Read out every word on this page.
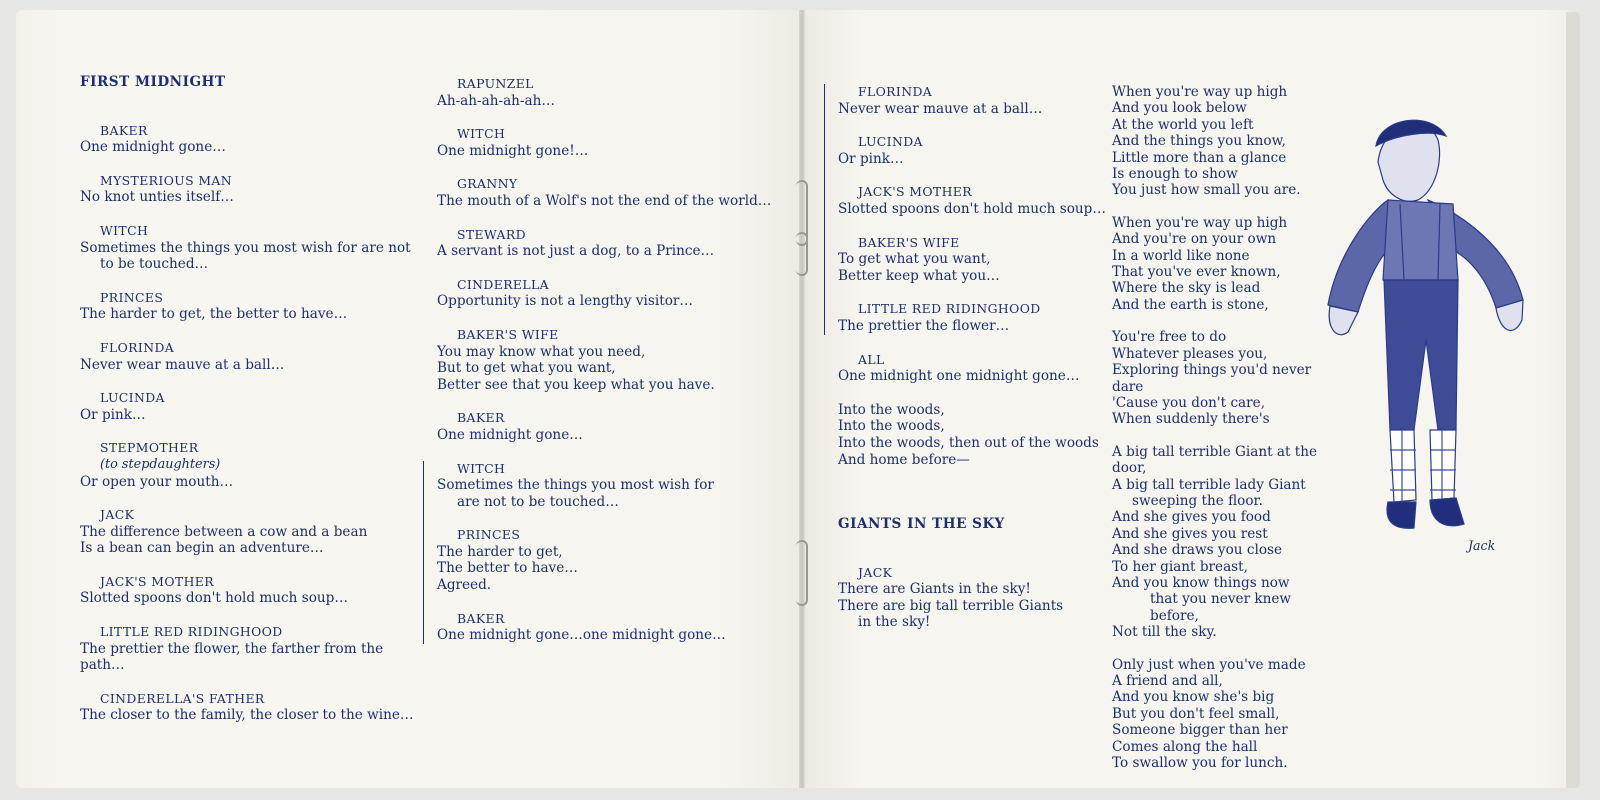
FIRST MIDNIGHT

BAKER

One midnight gone…

MYSTERIOUS MAN

No knot unties itself…

WITCH

Sometimes the things you most wish for are not

to be touched…

PRINCES

The harder to get, the better to have…

FLORINDA

Never wear mauve at a ball…

LUCINDA

Or pink…

STEPMOTHER

(to stepdaughters)

Or open your mouth…

JACK

The difference between a cow and a bean

Is a bean can begin an adventure…

JACK'S MOTHER

Slotted spoons don't hold much soup…

LITTLE RED RIDINGHOOD

The prettier the flower, the farther from the path…

CINDERELLA'S FATHER

The closer to the family, the closer to the wine…

RAPUNZEL

Ah-ah-ah-ah-ah…

WITCH

One midnight gone!…

GRANNY

The mouth of a Wolf's not the end of the world…

STEWARD

A servant is not just a dog, to a Prince…

CINDERELLA

Opportunity is not a lengthy visitor…

BAKER'S WIFE

You may know what you need,

But to get what you want,

Better see that you keep what you have.

BAKER

One midnight gone…

WITCH

Sometimes the things you most wish for

are not to be touched…

PRINCES

The harder to get,

The better to have…

Agreed.

BAKER

One midnight gone…one midnight gone…

FLORINDA

Never wear mauve at a ball…

LUCINDA

Or pink…

JACK'S MOTHER

Slotted spoons don't hold much soup…

BAKER'S WIFE

To get what you want,

Better keep what you…

LITTLE RED RIDINGHOOD

The prettier the flower…

ALL

One midnight one midnight gone…

Into the woods,

Into the woods,

Into the woods, then out of the woods

And home before—

GIANTS IN THE SKY

JACK

There are Giants in the sky!

There are big tall terrible Giants

in the sky!

When you're way up high

And you look below

At the world you left

And the things you know,

Little more than a glance

Is enough to show

You just how small you are.

When you're way up high

And you're on your own

In a world like none

That you've ever known,

Where the sky is lead

And the earth is stone,

You're free to do

Whatever pleases you,

Exploring things you'd never dare

'Cause you don't care,

When suddenly there's

A big tall terrible Giant at the door,

A big tall terrible lady Giant

sweeping the floor.

And she gives you food

And she gives you rest

And she draws you close

To her giant breast,

And you know things now

that you never knew before,

Not till the sky.

Only just when you've made

A friend and all,

And you know she's big

But you don't feel small,

Someone bigger than her

Comes along the hall

To swallow you for lunch.

Jack
